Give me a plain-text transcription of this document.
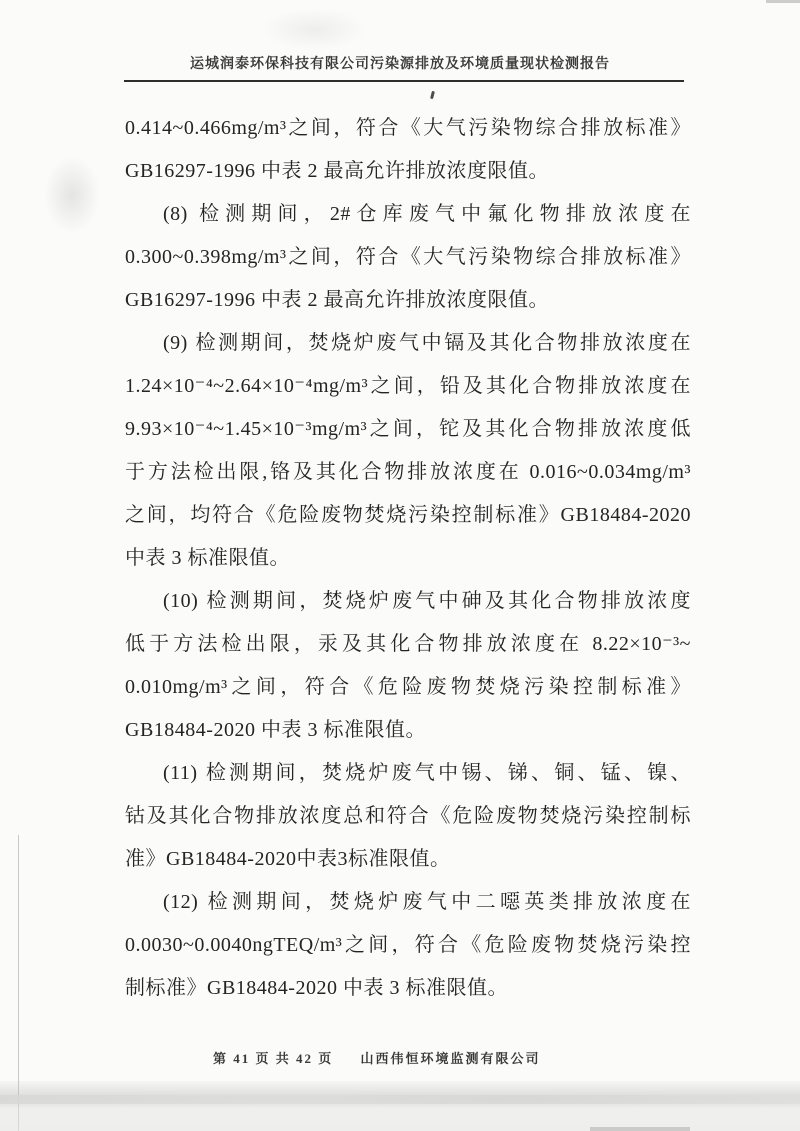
运城润泰环保科技有限公司污染源排放及环境质量现状检测报告
0.414~0.466mg/m³之间，符合《大气污染物综合排放标准》
GB16297-1996 中表 2 最高允许排放浓度限值。
(8) 检测期间，2#仓库废气中氟化物排放浓度在
0.300~0.398mg/m³之间，符合《大气污染物综合排放标准》
GB16297-1996 中表 2 最高允许排放浓度限值。
(9) 检测期间，焚烧炉废气中镉及其化合物排放浓度在
1.24×10⁻⁴~2.64×10⁻⁴mg/m³之间，铅及其化合物排放浓度在
9.93×10⁻⁴~1.45×10⁻³mg/m³之间，铊及其化合物排放浓度低
于方法检出限,铬及其化合物排放浓度在 0.016~0.034mg/m³
之间，均符合《危险废物焚烧污染控制标准》GB18484-2020
中表 3 标准限值。
(10) 检测期间，焚烧炉废气中砷及其化合物排放浓度
低于方法检出限，汞及其化合物排放浓度在 8.22×10⁻³~
0.010mg/m³之间，符合《危险废物焚烧污染控制标准》
GB18484-2020 中表 3 标准限值。
(11) 检测期间，焚烧炉废气中锡、锑、铜、锰、镍、
钴及其化合物排放浓度总和符合《危险废物焚烧污染控制标
准》GB18484-2020中表3标准限值。
(12) 检测期间，焚烧炉废气中二噁英类排放浓度在
0.0030~0.0040ngTEQ/m³之间，符合《危险废物焚烧污染控
制标准》GB18484-2020 中表 3 标准限值。
第 41 页 共 42 页 山西伟恒环境监测有限公司
